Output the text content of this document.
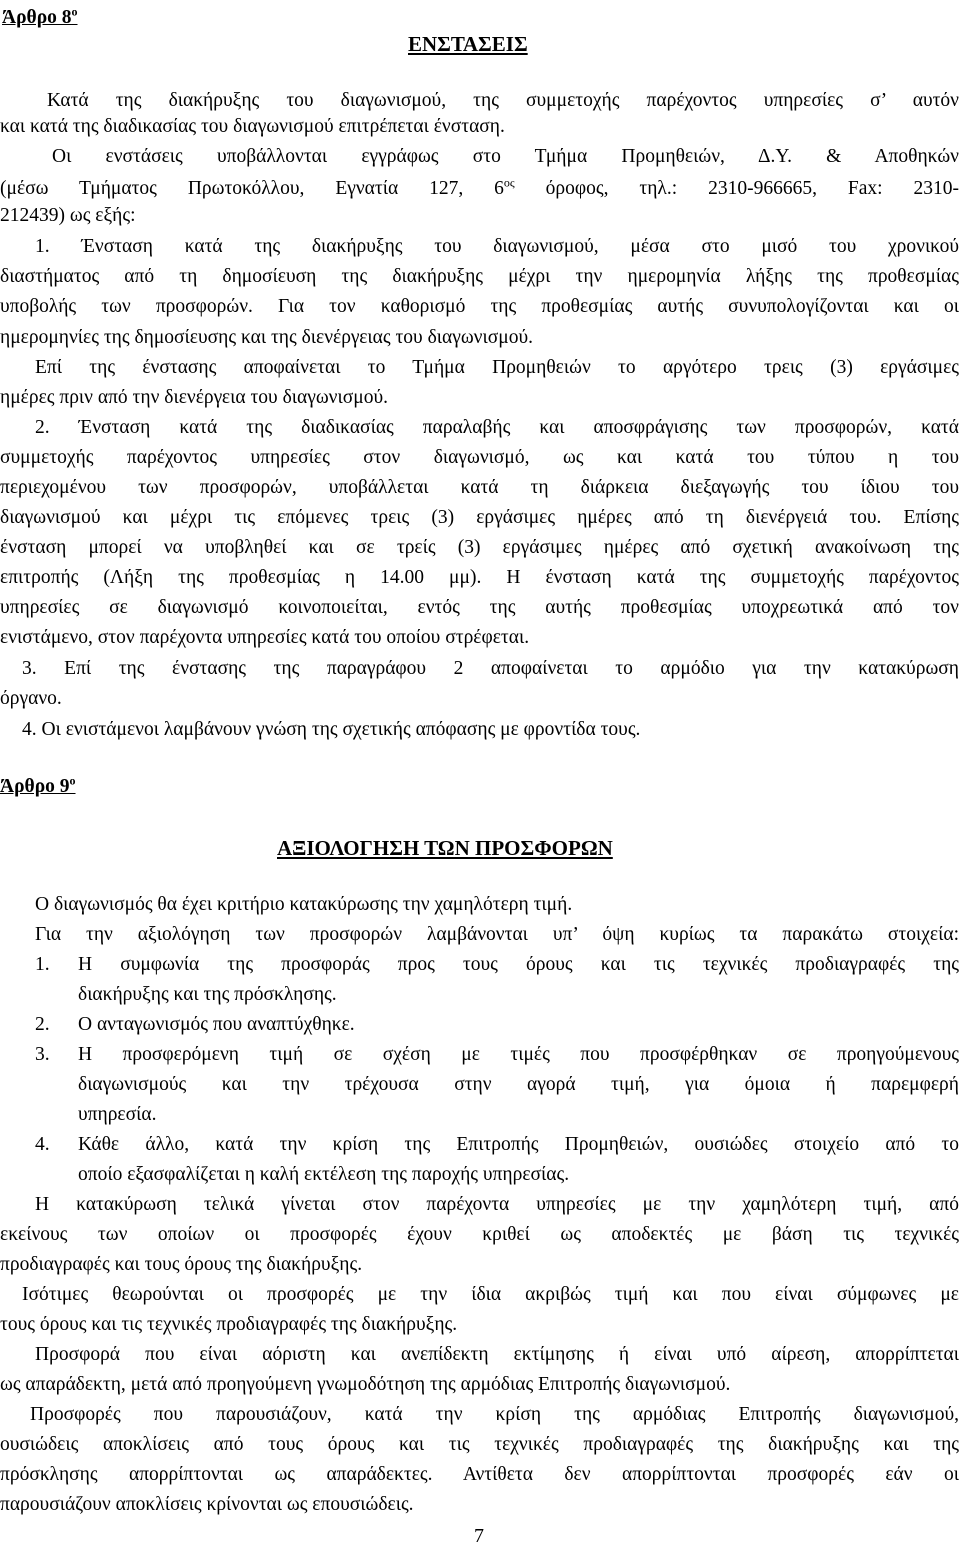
Άρθρο $8^o$
ΕΝΣΤΑΣΕΙΣ
Κατά της διακήρυξης του διαγωνισμού, της συμμετοχής παρέχοντος υπηρεσίες σ’ αυτόν
και κατά της διαδικασίας του διαγωνισμού επιτρέπεται ένσταση.
Οι ενστάσεις υποβάλλονται εγγράφως στο Τμήμα Προμηθειών, Δ.Υ. & Αποθηκών
(μέσω Τμήματος Πρωτοκόλλου, Εγνατία 127, $6^{o\varsigma}$ όροφος, τηλ.: 2310-966665, Fax: 2310-
212439) ως εξής:
1. Ένσταση κατά της διακήρυξης του διαγωνισμού, μέσα στο μισό του χρονικού
διαστήματος από τη δημοσίευση της διακήρυξης μέχρι την ημερομηνία λήξης της προθεσμίας
υποβολής των προσφορών. Για τον καθορισμό της προθεσμίας αυτής συνυπολογίζονται και οι
ημερομηνίες της δημοσίευσης και της διενέργειας του διαγωνισμού.
Επί της ένστασης αποφαίνεται το Τμήμα Προμηθειών το αργότερο τρεις (3) εργάσιμες
ημέρες πριν από την διενέργεια του διαγωνισμού.
2. Ένσταση κατά της διαδικασίας παραλαβής και αποσφράγισης των προσφορών, κατά
συμμετοχής παρέχοντος υπηρεσίες στον διαγωνισμό, ως και κατά του τύπου η του
περιεχομένου των προσφορών, υποβάλλεται κατά τη διάρκεια διεξαγωγής του ίδιου του
διαγωνισμού και μέχρι τις επόμενες τρεις (3) εργάσιμες ημέρες από τη διενέργειά του. Επίσης
ένσταση μπορεί να υποβληθεί και σε τρείς (3) εργάσιμες ημέρες από σχετική ανακοίνωση της
επιτροπής (Λήξη της προθεσμίας η 14.00 μμ). Η ένσταση κατά της συμμετοχής παρέχοντος
υπηρεσίες σε διαγωνισμό κοινοποιείται, εντός της αυτής προθεσμίας υποχρεωτικά από τον
ενιστάμενο, στον παρέχοντα υπηρεσίες κατά του οποίου στρέφεται.
3. Επί της ένστασης της παραγράφου 2 αποφαίνεται το αρμόδιο για την κατακύρωση
όργανο.
4. Οι ενιστάμενοι λαμβάνουν γνώση της σχετικής απόφασης με φροντίδα τους.
Άρθρο $9^o$
ΑΞΙΟΛΟΓΗΣΗ ΤΩΝ ΠΡΟΣΦΟΡΩΝ
Ο διαγωνισμός θα έχει κριτήριο κατακύρωσης την χαμηλότερη τιμή.
Για την αξιολόγηση των προσφορών λαμβάνονται υπ’ όψη κυρίως τα παρακάτω στοιχεία:
1. Η συμφωνία της προσφοράς προς τους όρους και τις τεχνικές προδιαγραφές της
διακήρυξης και της πρόσκλησης.
2. Ο ανταγωνισμός που αναπτύχθηκε.
3. Η προσφερόμενη τιμή σε σχέση με τιμές που προσφέρθηκαν σε προηγούμενους
διαγωνισμούς και την τρέχουσα στην αγορά τιμή, για όμοια ή παρεμφερή
υπηρεσία.
4. Κάθε άλλο, κατά την κρίση της Επιτροπής Προμηθειών, ουσιώδες στοιχείο από το
οποίο εξασφαλίζεται η καλή εκτέλεση της παροχής υπηρεσίας.
Η κατακύρωση τελικά γίνεται στον παρέχοντα υπηρεσίες με την χαμηλότερη τιμή, από
εκείνους των οποίων οι προσφορές έχουν κριθεί ως αποδεκτές με βάση τις τεχνικές
προδιαγραφές και τους όρους της διακήρυξης.
Ισότιμες θεωρούνται οι προσφορές με την ίδια ακριβώς τιμή και που είναι σύμφωνες με
τους όρους και τις τεχνικές προδιαγραφές της διακήρυξης.
Προσφορά που είναι αόριστη και ανεπίδεκτη εκτίμησης ή είναι υπό αίρεση, απορρίπτεται
ως απαράδεκτη, μετά από προηγούμενη γνωμοδότηση της αρμόδιας Επιτροπής διαγωνισμού.
Προσφορές που παρουσιάζουν, κατά την κρίση της αρμόδιας Επιτροπής διαγωνισμού,
ουσιώδεις αποκλίσεις από τους όρους και τις τεχνικές προδιαγραφές της διακήρυξης και της
πρόσκλησης απορρίπτονται ως απαράδεκτες. Αντίθετα δεν απορρίπτονται προσφορές εάν οι
παρουσιάζουν αποκλίσεις κρίνονται ως επουσιώδεις.
7
